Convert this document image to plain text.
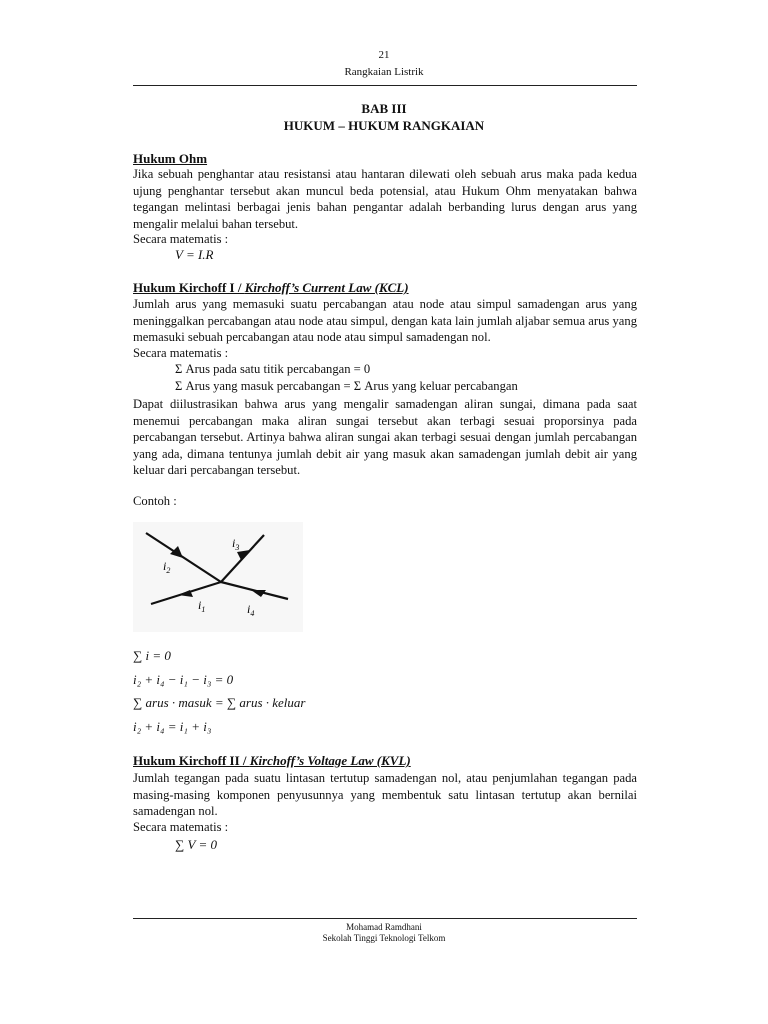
21
Rangkaian Listrik
BAB III
HUKUM – HUKUM RANGKAIAN
Hukum Ohm
Jika sebuah penghantar atau resistansi atau hantaran dilewati oleh sebuah arus maka pada kedua ujung penghantar tersebut akan muncul beda potensial, atau Hukum Ohm menyatakan bahwa tegangan melintasi berbagai jenis bahan pengantar adalah berbanding lurus dengan arus yang mengalir melalui bahan tersebut.
Secara matematis :
V = I.R
Hukum Kirchoff I / Kirchoff’s Current Law (KCL)
Jumlah arus yang memasuki suatu percabangan atau node atau simpul samadengan arus yang meninggalkan percabangan atau node atau simpul, dengan kata lain jumlah aljabar semua arus yang memasuki sebuah percabangan atau node atau simpul samadengan nol.
Secara matematis :
Σ Arus pada satu titik percabangan = 0
Σ Arus yang masuk percabangan = Σ Arus yang keluar percabangan
Dapat diilustrasikan bahwa arus yang mengalir samadengan aliran sungai, dimana pada saat menemui percabangan maka aliran sungai tersebut akan terbagi sesuai proporsinya pada percabangan tersebut. Artinya bahwa aliran sungai akan terbagi sesuai dengan jumlah percabangan yang ada, dimana tentunya jumlah debit air yang masuk akan samadengan jumlah debit air yang keluar dari percabangan tersebut.
Contoh :
$i_3$
$i_2$
$i_1$	$i_4$
∑ i = 0
i₂ + i₄ − i₁ − i₃ = 0
∑ arus · masuk = ∑ arus · keluar
i₂ + i₄ = i₁ + i₃
Hukum Kirchoff II / Kirchoff’s Voltage Law (KVL)
Jumlah tegangan pada suatu lintasan tertutup samadengan nol, atau penjumlahan tegangan pada masing-masing komponen penyusunnya yang membentuk satu lintasan tertutup akan bernilai samadengan nol.
Secara matematis :
∑ V = 0
Mohamad Ramdhani
Sekolah Tinggi Teknologi Telkom
